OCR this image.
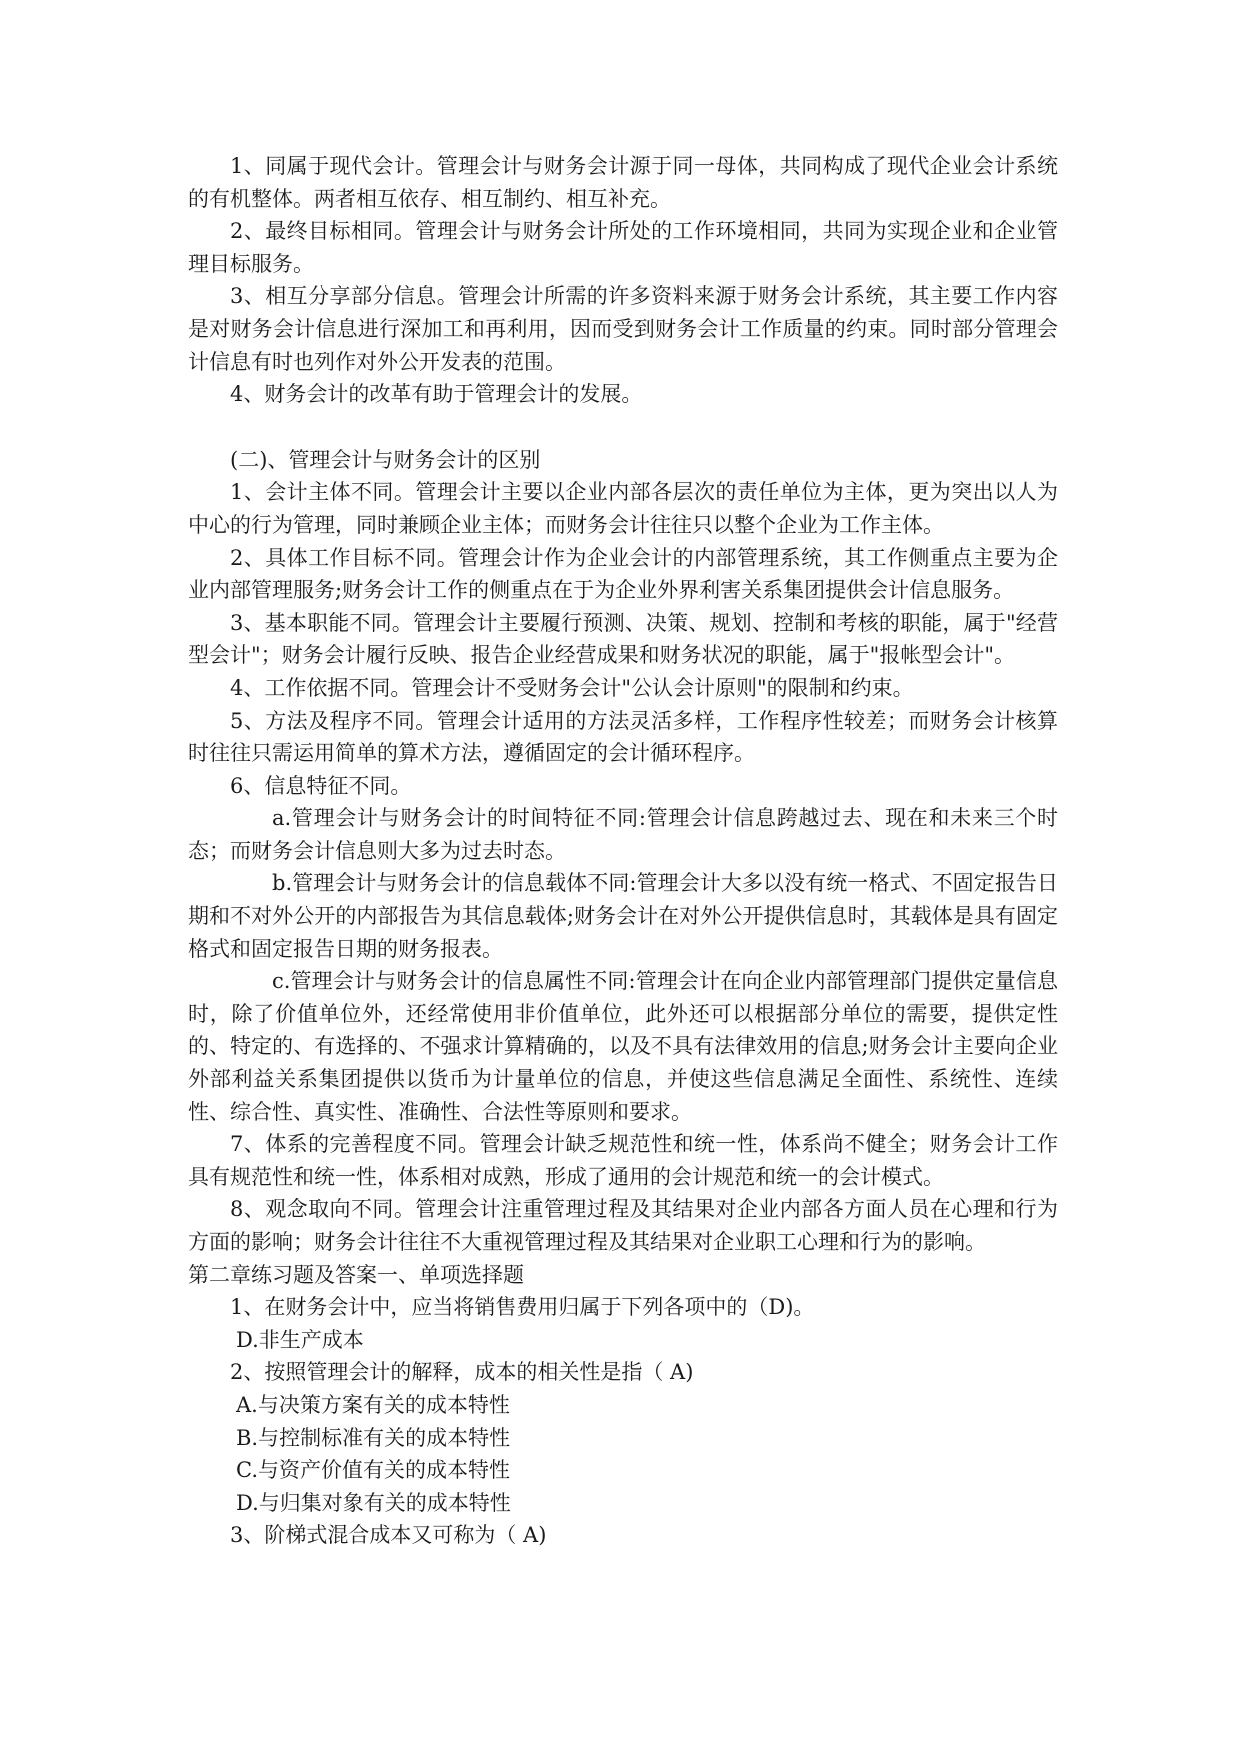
1、同属于现代会计。管理会计与财务会计源于同一母体，共同构成了现代企业会计系统的有机整体。两者相互依存、相互制约、相互补充。

2、最终目标相同。管理会计与财务会计所处的工作环境相同，共同为实现企业和企业管理目标服务。

3、相互分享部分信息。管理会计所需的许多资料来源于财务会计系统，其主要工作内容是对财务会计信息进行深加工和再利用，因而受到财务会计工作质量的约束。同时部分管理会计信息有时也列作对外公开发表的范围。

4、财务会计的改革有助于管理会计的发展。

(二)、管理会计与财务会计的区别

1、会计主体不同。管理会计主要以企业内部各层次的责任单位为主体，更为突出以人为中心的行为管理，同时兼顾企业主体；而财务会计往往只以整个企业为工作主体。

2、具体工作目标不同。管理会计作为企业会计的内部管理系统，其工作侧重点主要为企业内部管理服务;财务会计工作的侧重点在于为企业外界利害关系集团提供会计信息服务。

3、基本职能不同。管理会计主要履行预测、决策、规划、控制和考核的职能，属于"经营型会计"；财务会计履行反映、报告企业经营成果和财务状况的职能，属于"报帐型会计"。

4、工作依据不同。管理会计不受财务会计"公认会计原则"的限制和约束。

5、方法及程序不同。管理会计适用的方法灵活多样，工作程序性较差；而财务会计核算时往往只需运用简单的算术方法，遵循固定的会计循环程序。

6、信息特征不同。

a.管理会计与财务会计的时间特征不同:管理会计信息跨越过去、现在和未来三个时态；而财务会计信息则大多为过去时态。

b.管理会计与财务会计的信息载体不同:管理会计大多以没有统一格式、不固定报告日期和不对外公开的内部报告为其信息载体;财务会计在对外公开提供信息时，其载体是具有固定格式和固定报告日期的财务报表。

c.管理会计与财务会计的信息属性不同:管理会计在向企业内部管理部门提供定量信息时，除了价值单位外，还经常使用非价值单位，此外还可以根据部分单位的需要，提供定性的、特定的、有选择的、不强求计算精确的，以及不具有法律效用的信息;财务会计主要向企业外部利益关系集团提供以货币为计量单位的信息，并使这些信息满足全面性、系统性、连续性、综合性、真实性、准确性、合法性等原则和要求。

7、体系的完善程度不同。管理会计缺乏规范性和统一性，体系尚不健全；财务会计工作具有规范性和统一性，体系相对成熟，形成了通用的会计规范和统一的会计模式。

8、观念取向不同。管理会计注重管理过程及其结果对企业内部各方面人员在心理和行为方面的影响；财务会计往往不大重视管理过程及其结果对企业职工心理和行为的影响。

第二章练习题及答案一、单项选择题

1、在财务会计中，应当将销售费用归属于下列各项中的（D)。

D.非生产成本

2、按照管理会计的解释，成本的相关性是指（ A)

A.与决策方案有关的成本特性

B.与控制标准有关的成本特性

C.与资产价值有关的成本特性

D.与归集对象有关的成本特性

3、阶梯式混合成本又可称为（ A)
